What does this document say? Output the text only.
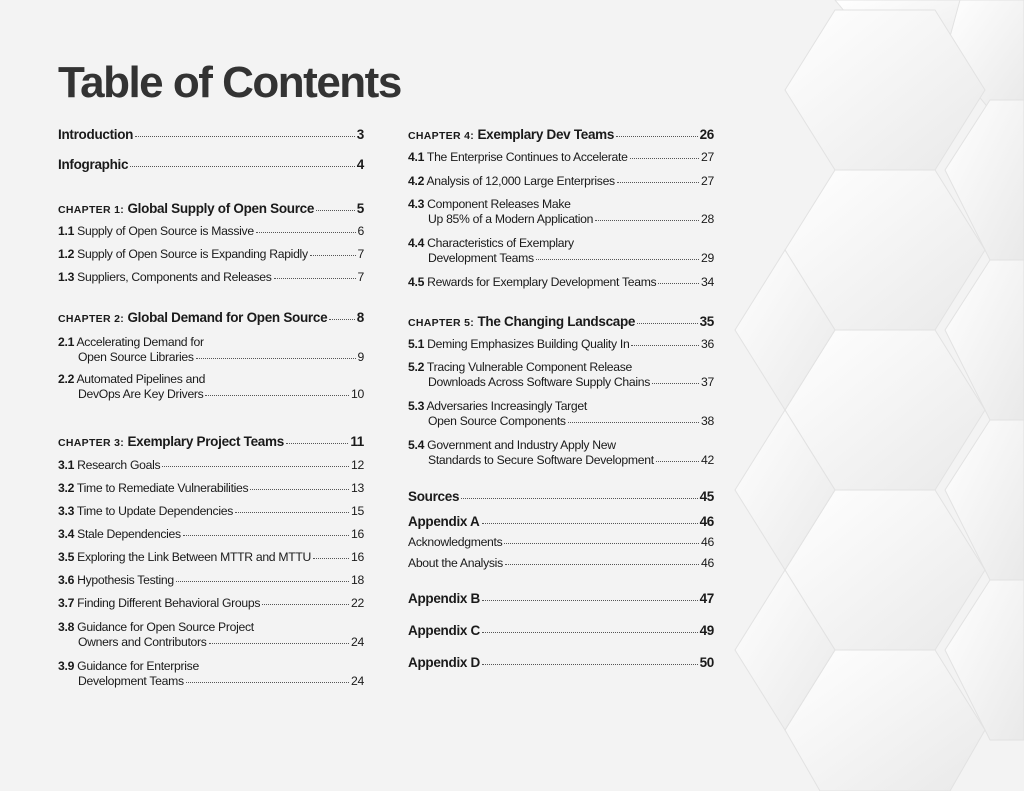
Table of Contents
Introduction	3
Infographic	4
CHAPTER 1: Global Supply of Open Source	5
1.1 Supply of Open Source is Massive	6
1.2 Supply of Open Source is Expanding Rapidly	7
1.3 Suppliers, Components and Releases	7
CHAPTER 2: Global Demand for Open Source 8
2.1 Accelerating Demand for
Open Source Libraries	9
2.2 Automated Pipelines and
DevOps Are Key Drivers	10
CHAPTER 3: Exemplary Project Teams	11
3.1 Research Goals	12
3.2 Time to Remediate Vulnerabilities	13
3.3 Time to Update Dependencies	15
3.4 Stale Dependencies	16
3.5 Exploring the Link Between MTTR and MTTU	16
3.6 Hypothesis Testing	18
3.7 Finding Different Behavioral Groups	22
3.8 Guidance for Open Source Project
Owners and Contributors	24
3.9 Guidance for Enterprise
Development Teams	24
CHAPTER 4: Exemplary Dev Teams	26
4.1 The Enterprise Continues to Accelerate	27
4.2 Analysis of 12,000 Large Enterprises	27
4.3 Component Releases Make
Up 85% of a Modern Application	28
4.4 Characteristics of Exemplary
Development Teams	29
4.5 Rewards for Exemplary Development Teams	34
CHAPTER 5: The Changing Landscape	35
5.1 Deming Emphasizes Building Quality In	36
5.2 Tracing Vulnerable Component Release
Downloads Across Software Supply Chains	37
5.3 Adversaries Increasingly Target
Open Source Components	38
5.4 Government and Industry Apply New
Standards to Secure Software Development	42
Sources	45
Appendix A	46
Acknowledgments	46
About the Analysis	46
Appendix B	47
Appendix C	49
Appendix D	50
